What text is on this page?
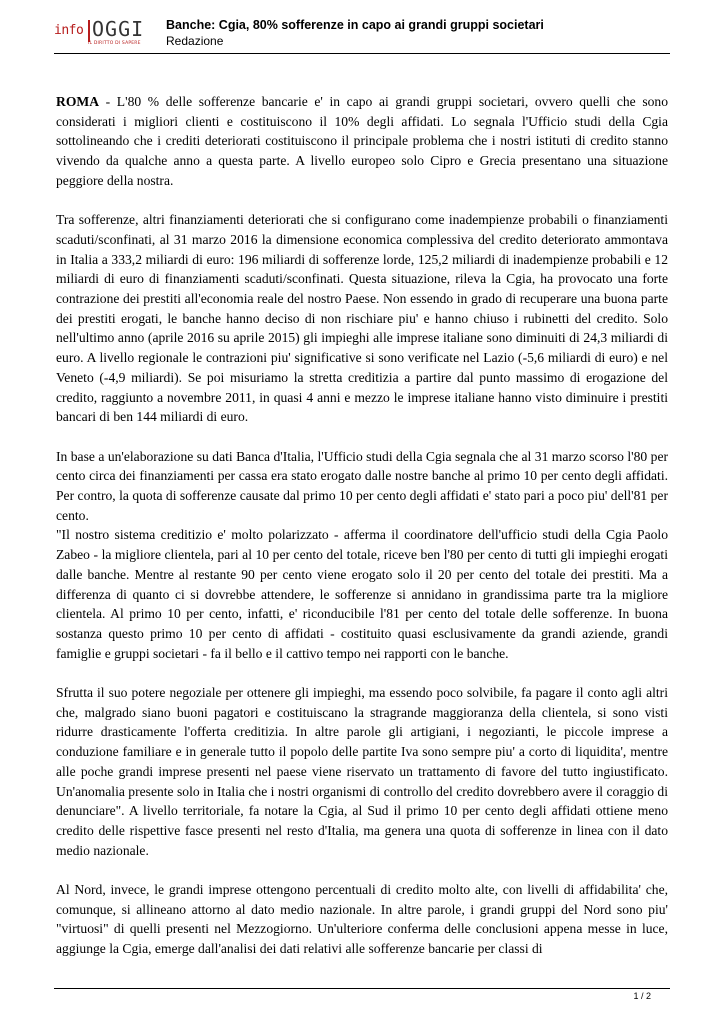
info OGGI
IL DIRITTO DI SAPERE
Banche: Cgia, 80% sofferenze in capo ai grandi gruppi societari
Redazione

ROMA - L'80 % delle sofferenze bancarie e' in capo ai grandi gruppi societari, ovvero quelli che sono considerati i migliori clienti e costituiscono il 10% degli affidati. Lo segnala l'Ufficio studi della Cgia sottolineando che i crediti deteriorati costituiscono il principale problema che i nostri istituti di credito stanno vivendo da qualche anno a questa parte. A livello europeo solo Cipro e Grecia presentano una situazione peggiore della nostra.

Tra sofferenze, altri finanziamenti deteriorati che si configurano come inadempienze probabili o finanziamenti scaduti/sconfinati, al 31 marzo 2016 la dimensione economica complessiva del credito deteriorato ammontava in Italia a 333,2 miliardi di euro: 196 miliardi di sofferenze lorde, 125,2 miliardi di inadempienze probabili e 12 miliardi di euro di finanziamenti scaduti/sconfinati. Questa situazione, rileva la Cgia, ha provocato una forte contrazione dei prestiti all'economia reale del nostro Paese. Non essendo in grado di recuperare una buona parte dei prestiti erogati, le banche hanno deciso di non rischiare piu' e hanno chiuso i rubinetti del credito. Solo nell'ultimo anno (aprile 2016 su aprile 2015) gli impieghi alle imprese italiane sono diminuiti di 24,3 miliardi di euro. A livello regionale le contrazioni piu' significative si sono verificate nel Lazio (-5,6 miliardi di euro) e nel Veneto (-4,9 miliardi). Se poi misuriamo la stretta creditizia a partire dal punto massimo di erogazione del credito, raggiunto a novembre 2011, in quasi 4 anni e mezzo le imprese italiane hanno visto diminuire i prestiti bancari di ben 144 miliardi di euro.

In base a un'elaborazione su dati Banca d'Italia, l'Ufficio studi della Cgia segnala che al 31 marzo scorso l'80 per cento circa dei finanziamenti per cassa era stato erogato dalle nostre banche al primo 10 per cento degli affidati. Per contro, la quota di sofferenze causate dal primo 10 per cento degli affidati e' stato pari a poco piu' dell'81 per cento.

"Il nostro sistema creditizio e' molto polarizzato - afferma il coordinatore dell'ufficio studi della Cgia Paolo Zabeo - la migliore clientela, pari al 10 per cento del totale, riceve ben l'80 per cento di tutti gli impieghi erogati dalle banche. Mentre al restante 90 per cento viene erogato solo il 20 per cento del totale dei prestiti. Ma a differenza di quanto ci si dovrebbe attendere, le sofferenze si annidano in grandissima parte tra la migliore clientela. Al primo 10 per cento, infatti, e' riconducibile l'81 per cento del totale delle sofferenze. In buona sostanza questo primo 10 per cento di affidati - costituito quasi esclusivamente da grandi aziende, grandi famiglie e gruppi societari - fa il bello e il cattivo tempo nei rapporti con le banche.

Sfrutta il suo potere negoziale per ottenere gli impieghi, ma essendo poco solvibile, fa pagare il conto agli altri che, malgrado siano buoni pagatori e costituiscano la stragrande maggioranza della clientela, si sono visti ridurre drasticamente l'offerta creditizia. In altre parole gli artigiani, i negozianti, le piccole imprese a conduzione familiare e in generale tutto il popolo delle partite Iva sono sempre piu' a corto di liquidita', mentre alle poche grandi imprese presenti nel paese viene riservato un trattamento di favore del tutto ingiustificato. Un'anomalia presente solo in Italia che i nostri organismi di controllo del credito dovrebbero avere il coraggio di denunciare". A livello territoriale, fa notare la Cgia, al Sud il primo 10 per cento degli affidati ottiene meno credito delle rispettive fasce presenti nel resto d'Italia, ma genera una quota di sofferenze in linea con il dato medio nazionale.

Al Nord, invece, le grandi imprese ottengono percentuali di credito molto alte, con livelli di affidabilita' che, comunque, si allineano attorno al dato medio nazionale. In altre parole, i grandi gruppi del Nord sono piu' "virtuosi" di quelli presenti nel Mezzogiorno. Un'ulteriore conferma delle conclusioni appena messe in luce, aggiunge la Cgia, emerge dall'analisi dei dati relativi alle sofferenze bancarie per classi di

1 / 2
